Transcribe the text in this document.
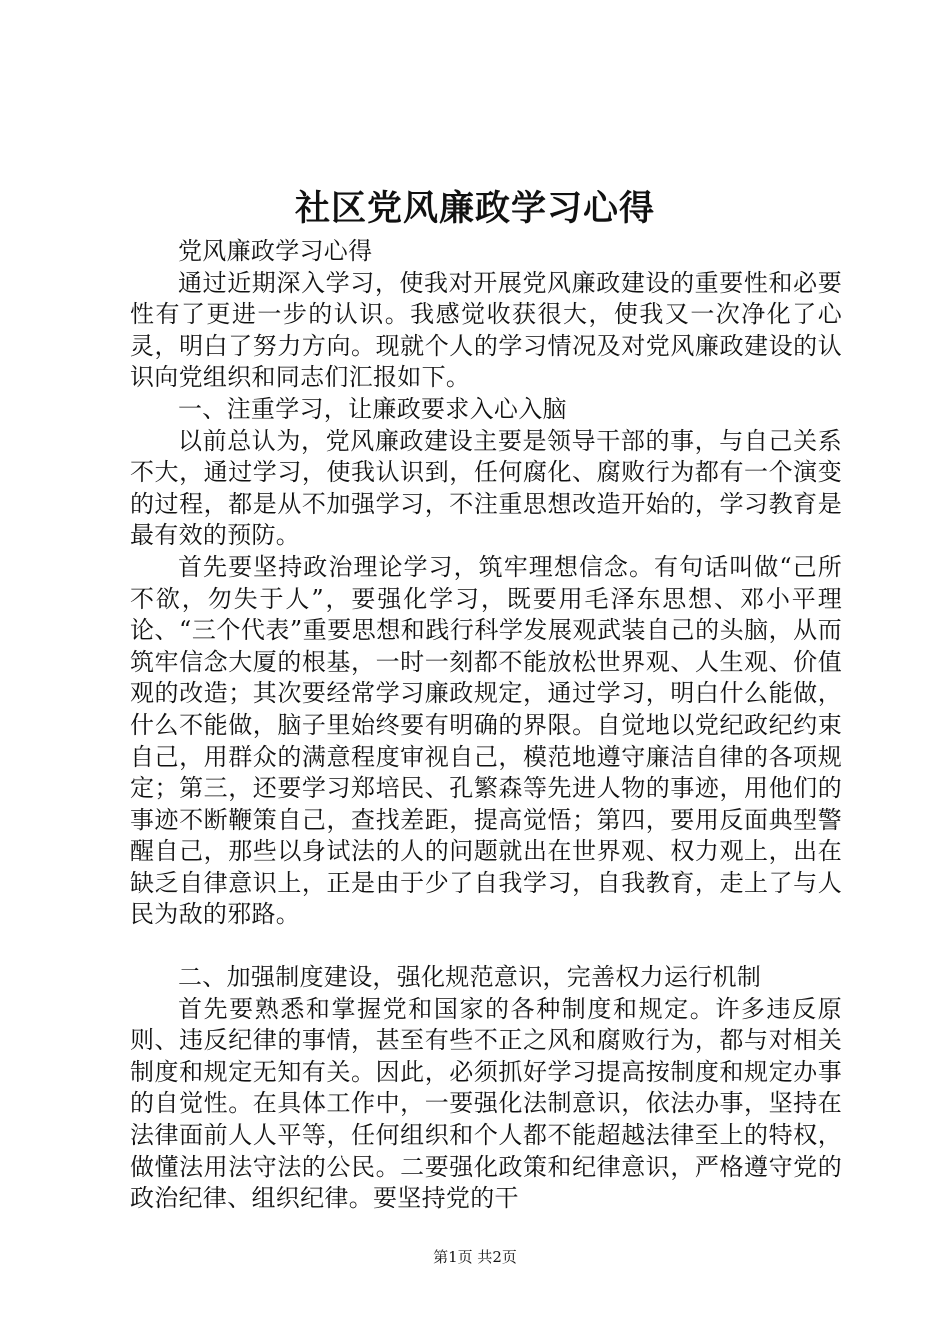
社区党风廉政学习心得

党风廉政学习心得

通过近期深入学习，使我对开展党风廉政建设的重要性和必要性有了更进一步的认识。我感觉收获很大，使我又一次净化了心灵，明白了努力方向。现就个人的学习情况及对党风廉政建设的认识向党组织和同志们汇报如下。

一、注重学习，让廉政要求入心入脑

以前总认为，党风廉政建设主要是领导干部的事，与自己关系不大，通过学习，使我认识到，任何腐化、腐败行为都有一个演变的过程，都是从不加强学习，不注重思想改造开始的，学习教育是最有效的预防。

首先要坚持政治理论学习，筑牢理想信念。有句话叫做“己所不欲，勿失于人”，要强化学习，既要用毛泽东思想、邓小平理论、“三个代表”重要思想和践行科学发展观武装自己的头脑，从而筑牢信念大厦的根基，一时一刻都不能放松世界观、人生观、价值观的改造；其次要经常学习廉政规定，通过学习，明白什么能做，什么不能做，脑子里始终要有明确的界限。自觉地以党纪政纪约束自己，用群众的满意程度审视自己，模范地遵守廉洁自律的各项规定；第三，还要学习郑培民、孔繁森等先进人物的事迹，用他们的事迹不断鞭策自己，查找差距，提高觉悟；第四，要用反面典型警醒自己，那些以身试法的人的问题就出在世界观、权力观上，出在缺乏自律意识上，正是由于少了自我学习，自我教育，走上了与人民为敌的邪路。

二、加强制度建设，强化规范意识，完善权力运行机制

首先要熟悉和掌握党和国家的各种制度和规定。许多违反原则、违反纪律的事情，甚至有些不正之风和腐败行为，都与对相关制度和规定无知有关。因此，必须抓好学习提高按制度和规定办事的自觉性。在具体工作中，一要强化法制意识，依法办事，坚持在法律面前人人平等，任何组织和个人都不能超越法律至上的特权，做懂法用法守法的公民。二要强化政策和纪律意识，严格遵守党的政治纪律、组织纪律。要坚持党的干

第1页 共2页
